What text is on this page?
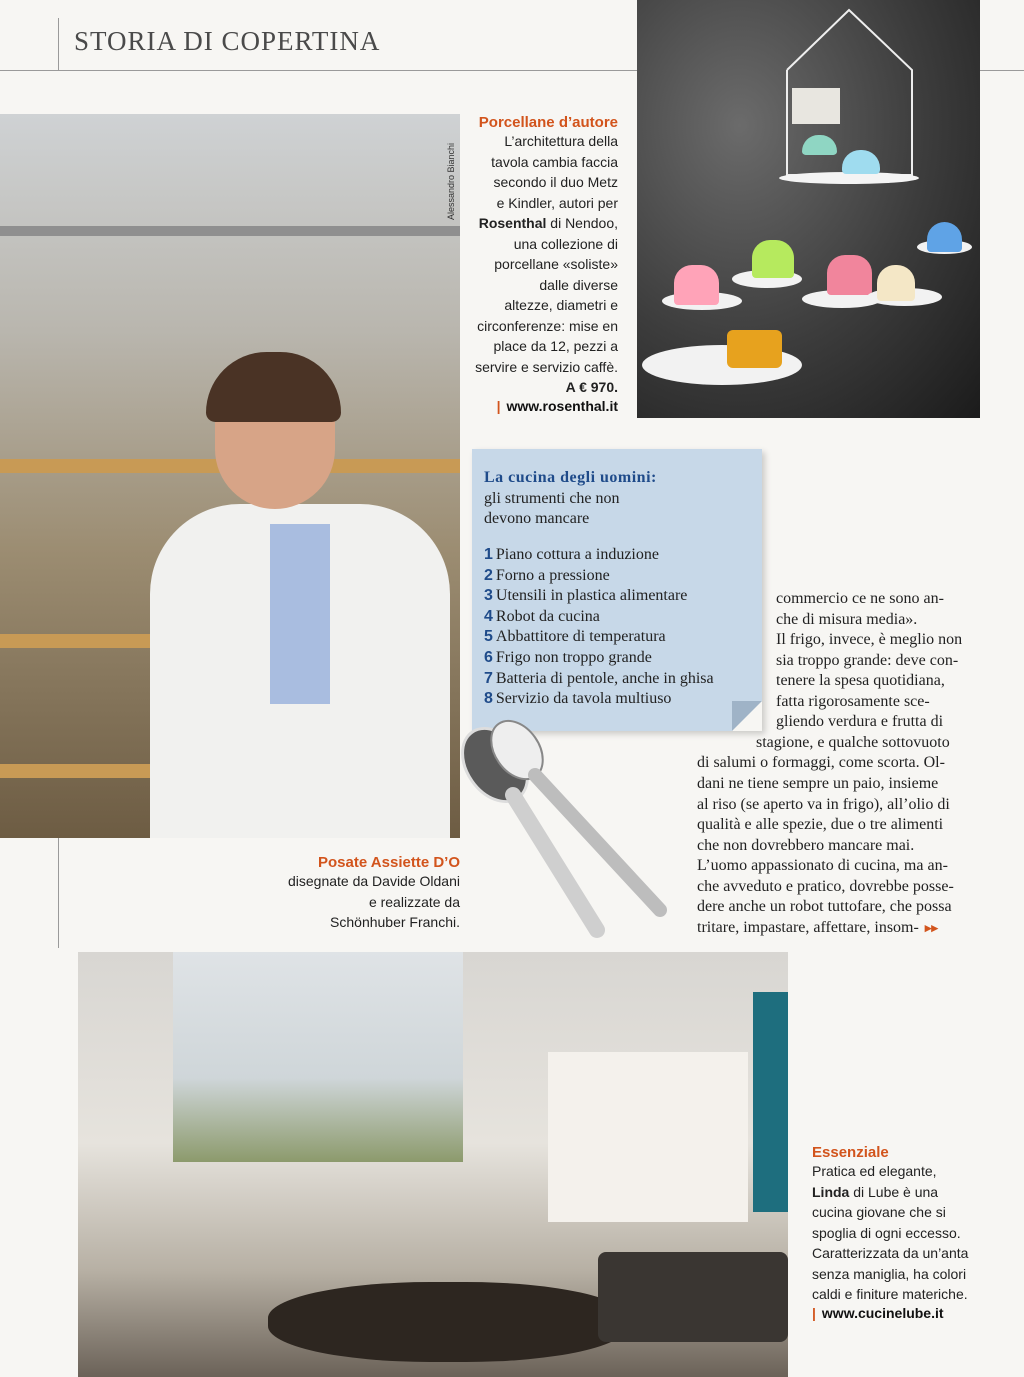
STORIA DI COPERTINA
Alessandro Bianchi
Porcellane d’autore
L’architettura della
tavola cambia faccia
secondo il duo Metz
e Kindler, autori per
Rosenthal di Nendoo,
una collezione di
porcellane «soliste»
dalle diverse
altezze, diametri e
circonferenze: mise en
place da 12, pezzi a
servire e servizio caffè.
A € 970.
| www.rosenthal.it
La cucina degli uomini:
gli strumenti che non
devono mancare
1 Piano cottura a induzione
2 Forno a pressione
3 Utensili in plastica alimentare
4 Robot da cucina
5 Abbattitore di temperatura
6 Frigo non troppo grande
7 Batteria di pentole, anche in ghisa
8 Servizio da tavola multiuso
commercio ce ne sono an-
che di misura media».
Il frigo, invece, è meglio non
sia troppo grande: deve con-
tenere la spesa quotidiana,
fatta rigorosamente sce-
gliendo verdura e frutta di
stagione, e qualche sottovuoto
di salumi o formaggi, come scorta. Ol-
dani ne tiene sempre un paio, insieme
al riso (se aperto va in frigo), all’olio di
qualità e alle spezie, due o tre alimenti
che non dovrebbero mancare mai.
L’uomo appassionato di cucina, ma an-
che avveduto e pratico, dovrebbe posse-
dere anche un robot tuttofare, che possa
tritare, impastare, affettare, insom- ▸▸
Posate Assiette D’O
disegnate da Davide Oldani
e realizzate da
Schönhuber Franchi.
Essenziale
Pratica ed elegante,
Linda di Lube è una
cucina giovane che si
spoglia di ogni eccesso.
Caratterizzata da un’anta
senza maniglia, ha colori
caldi e finiture materiche.
| www.cucinelube.it
